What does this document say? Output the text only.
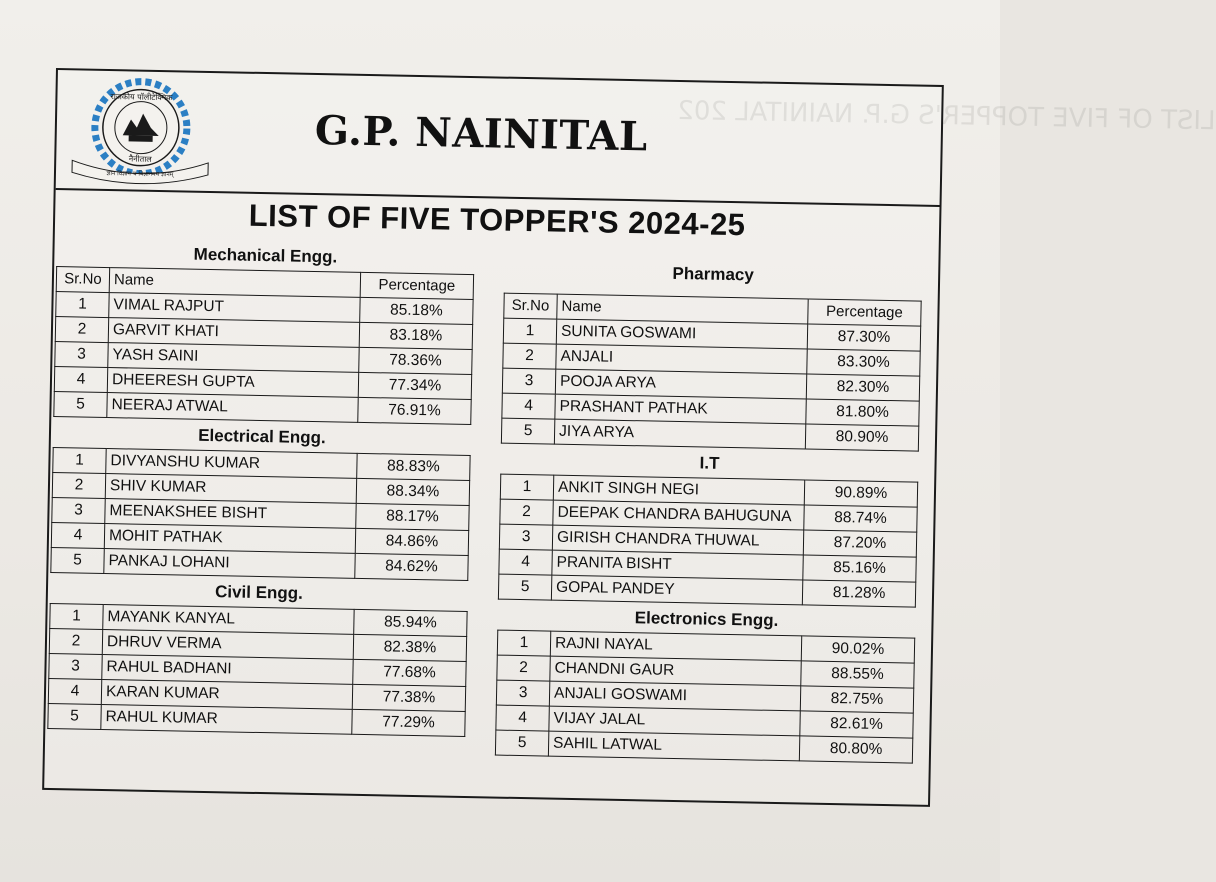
राजकीय पॉलीटेक्निक
नैनीताल
ज्ञान विज्ञान च विज्ञानमय ज्ञानम्
LIST OF FIVE TOPPER'S G.P. NAINITAL 202
G.P. NAINITAL
LIST OF FIVE TOPPER'S 2024-25
Mechanical Engg.
Sr.No	Name	Percentage
1	VIMAL RAJPUT	85.18%
2	GARVIT KHATI	83.18%
3	YASH SAINI	78.36%
4	DHEERESH GUPTA	77.34%
5	NEERAJ ATWAL	76.91%
Electrical Engg.
1	DIVYANSHU KUMAR	88.83%
2	SHIV KUMAR	88.34%
3	MEENAKSHEE BISHT	88.17%
4	MOHIT PATHAK	84.86%
5	PANKAJ LOHANI	84.62%
Civil Engg.
1	MAYANK KANYAL	85.94%
2	DHRUV VERMA	82.38%
3	RAHUL BADHANI	77.68%
4	KARAN KUMAR	77.38%
5	RAHUL KUMAR	77.29%
Pharmacy
Sr.No	Name	Percentage
1	SUNITA GOSWAMI	87.30%
2	ANJALI	83.30%
3	POOJA ARYA	82.30%
4	PRASHANT PATHAK	81.80%
5	JIYA ARYA	80.90%
I.T
1	ANKIT SINGH NEGI	90.89%
2	DEEPAK CHANDRA BAHUGUNA	88.74%
3	GIRISH CHANDRA THUWAL	87.20%
4	PRANITA BISHT	85.16%
5	GOPAL PANDEY	81.28%
Electronics Engg.
1	RAJNI NAYAL	90.02%
2	CHANDNI GAUR	88.55%
3	ANJALI GOSWAMI	82.75%
4	VIJAY JALAL	82.61%
5	SAHIL LATWAL	80.80%
